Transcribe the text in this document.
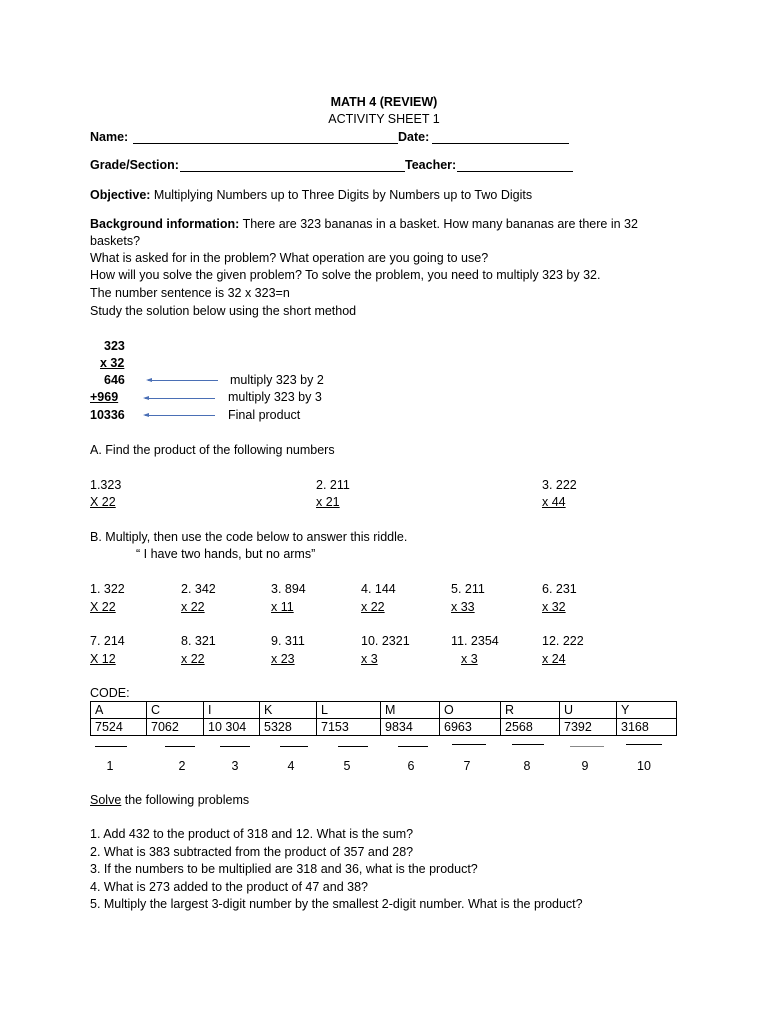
MATH 4 (REVIEW)
ACTIVITY SHEET 1
Name:	Date:
Grade/Section:	Teacher:
Objective: Multiplying Numbers up to Three Digits by Numbers up to Two Digits
Background information: There are 323 bananas in a basket. How many bananas are there in 32
baskets?
What is asked for in the problem? What operation are you going to use?
How will you solve the given problem? To solve the problem, you need to multiply 323 by 32.
The number sentence is 32 x 323=n
Study the solution below using the short method
323
x 32
646
+969
10336
multiply 323 by 2
multiply 323 by 3
Final product
A. Find the product of the following numbers
1.323
X 22
2. 211
x 21
3. 222
x 44
B. Multiply, then use the code below to answer this riddle.
“ I have two hands, but no arms”
1. 322
X 22
2. 342
x 22
3. 894
x 11
4. 144
x 22
5. 211
x 33
6. 231
x 32
7. 214
X 12
8. 321
x 22
9. 311
x 23
10. 2321
x 3
11. 2354
x 3
12. 222
x 24
CODE:
A	C	I	K	L	M	O	R	U	Y
7524	7062	10 304	5328	7153	9834	6963	2568	7392	3168
1	2	3	4	5	6	7	8	9	10
Solve the following problems
1. Add 432 to the product of 318 and 12. What is the sum?
2. What is 383 subtracted from the product of 357 and 28?
3. If the numbers to be multiplied are 318 and 36, what is the product?
4. What is 273 added to the product of 47 and 38?
5. Multiply the largest 3-digit number by the smallest 2-digit number. What is the product?
